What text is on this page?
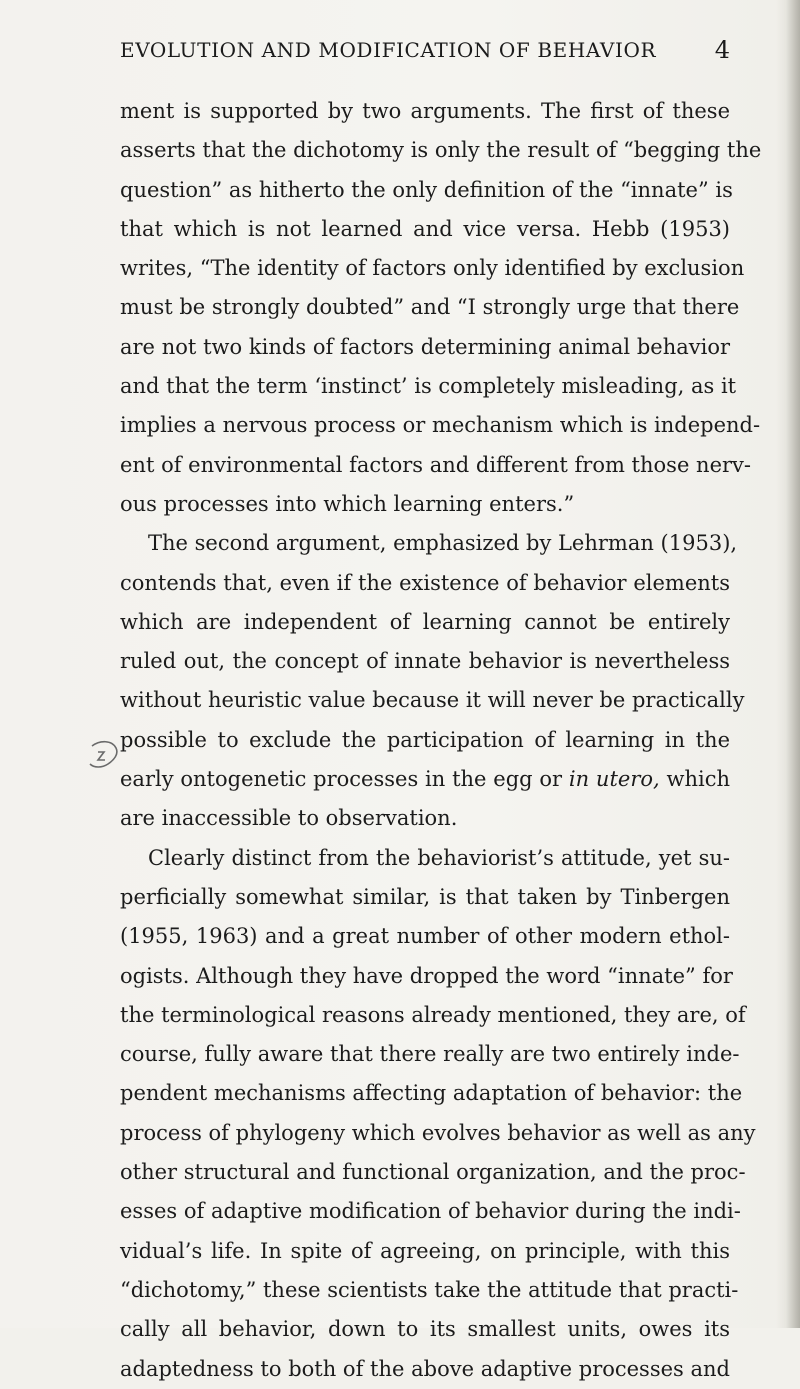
EVOLUTION AND MODIFICATION OF BEHAVIOR 4
ment is supported by two arguments. The first of these
asserts that the dichotomy is only the result of “begging the
question” as hitherto the only definition of the “innate” is
that which is not learned and vice versa. Hebb (1953)
writes, “The identity of factors only identified by exclusion
must be strongly doubted” and “I strongly urge that there
are not two kinds of factors determining animal behavior
and that the term ‘instinct’ is completely misleading, as it
implies a nervous process or mechanism which is independ-
ent of environmental factors and different from those nerv-
ous processes into which learning enters.”
The second argument, emphasized by Lehrman (1953),
contends that, even if the existence of behavior elements
which are independent of learning cannot be entirely
ruled out, the concept of innate behavior is nevertheless
without heuristic value because it will never be practically
possible to exclude the participation of learning in the
early ontogenetic processes in the egg or in utero, which
are inaccessible to observation.
Clearly distinct from the behaviorist’s attitude, yet su-
perficially somewhat similar, is that taken by Tinbergen
(1955, 1963) and a great number of other modern ethol-
ogists. Although they have dropped the word “innate” for
the terminological reasons already mentioned, they are, of
course, fully aware that there really are two entirely inde-
pendent mechanisms affecting adaptation of behavior: the
process of phylogeny which evolves behavior as well as any
other structural and functional organization, and the proc-
esses of adaptive modification of behavior during the indi-
vidual’s life. In spite of agreeing, on principle, with this
“dichotomy,” these scientists take the attitude that practi-
cally all behavior, down to its smallest units, owes its
adaptedness to both of the above adaptive processes and
